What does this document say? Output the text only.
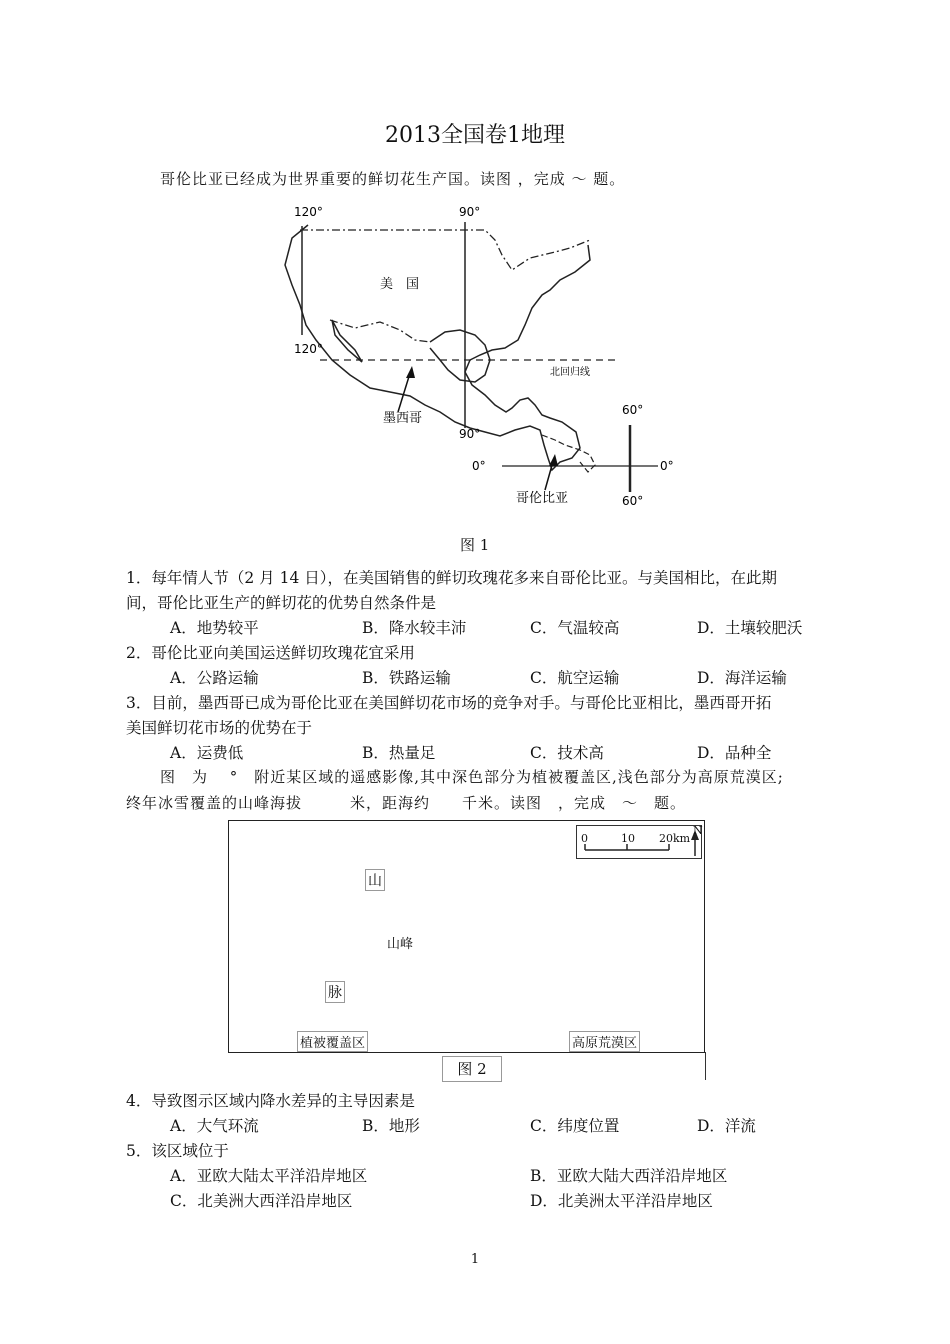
2013全国卷1地理
哥伦比亚已经成为世界重要的鲜切花生产国。读图 ，完成 ～ 题。
120°	90°
120°
美　国
北回归线
墨西哥
90°
0°	0°
60°
60°
哥伦比亚
图 1
1．每年情人节（2 月 14 日），在美国销售的鲜切玫瑰花多来自哥伦比亚。与美国相比，在此期
间，哥伦比亚生产的鲜切花的优势自然条件是
A．地势较平	B．降水较丰沛	C．气温较高	D．土壤较肥沃
2．哥伦比亚向美国运送鲜切玫瑰花宜采用
A．公路运输	B．铁路运输	C．航空运输	D．海洋运输
3．目前，墨西哥已成为哥伦比亚在美国鲜切花市场的竞争对手。与哥伦比亚相比，墨西哥开拓
美国鲜切花市场的优势在于
A．运费低	B．热量足	C．技术高	D．品种全
图　为　 °　附近某区域的遥感影像,其中深色部分为植被覆盖区,浅色部分为高原荒漠区;
终年冰雪覆盖的山峰海拔　　　米，距海约　　千米。读图　，完成　～　题。
0	10 20km
N
山
山峰
脉
植被覆盖区	高原荒漠区
图 2
4．导致图示区域内降水差异的主导因素是
A．大气环流	B．地形	C．纬度位置	D．洋流
5．该区域位于
A．亚欧大陆太平洋沿岸地区	B．亚欧大陆大西洋沿岸地区
C．北美洲大西洋沿岸地区	D．北美洲太平洋沿岸地区
1
